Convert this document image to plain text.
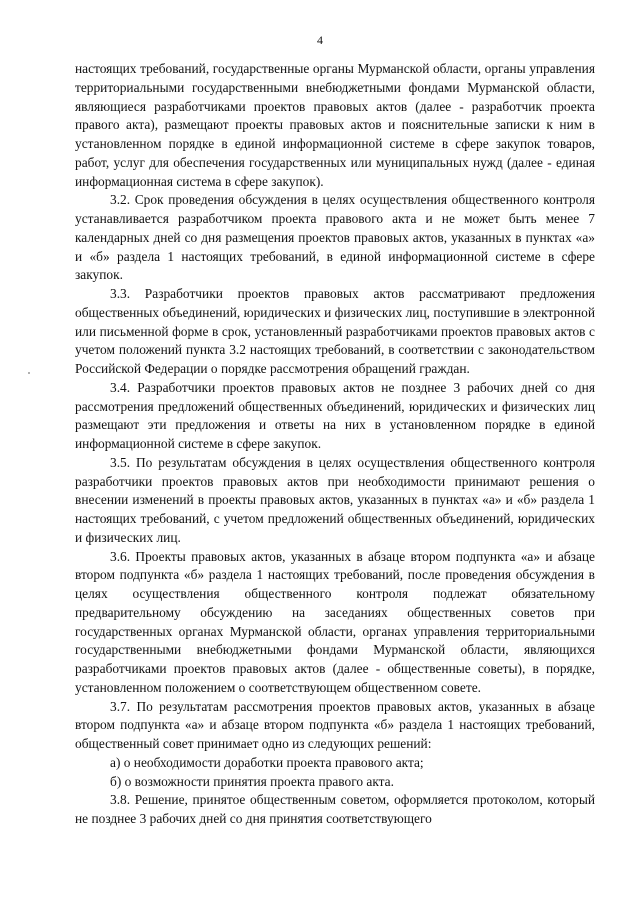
4

настоящих требований, государственные органы Мурманской области, органы управления территориальными государственными внебюджетными фондами Мурманской области, являющиеся разработчиками проектов правовых актов (далее - разработчик проекта правого акта), размещают проекты правовых актов и пояснительные записки к ним в установленном порядке в единой информационной системе в сфере закупок товаров, работ, услуг для обеспечения государственных или муниципальных нужд (далее - единая информационная система в сфере закупок).

3.2. Срок проведения обсуждения в целях осуществления общественного контроля устанавливается разработчиком проекта правового акта и не может быть менее 7 календарных дней со дня размещения проектов правовых актов, указанных в пунктах «а» и «б» раздела 1 настоящих требований, в единой информационной системе в сфере закупок.

3.3. Разработчики проектов правовых актов рассматривают предложения общественных объединений, юридических и физических лиц, поступившие в электронной или письменной форме в срок, установленный разработчиками проектов правовых актов с учетом положений пункта 3.2 настоящих требований, в соответствии с законодательством Российской Федерации о порядке рассмотрения обращений граждан.

3.4. Разработчики проектов правовых актов не позднее 3 рабочих дней со дня рассмотрения предложений общественных объединений, юридических и физических лиц размещают эти предложения и ответы на них в установленном порядке в единой информационной системе в сфере закупок.

3.5. По результатам обсуждения в целях осуществления общественного контроля разработчики проектов правовых актов при необходимости принимают решения о внесении изменений в проекты правовых актов, указанных в пунктах «а» и «б» раздела 1 настоящих требований, с учетом предложений общественных объединений, юридических и физических лиц.

3.6. Проекты правовых актов, указанных в абзаце втором подпункта «а» и абзаце втором подпункта «б» раздела 1 настоящих требований, после проведения обсуждения в целях осуществления общественного контроля подлежат обязательному предварительному обсуждению на заседаниях общественных советов при государственных органах Мурманской области, органах управления территориальными государственными внебюджетными фондами Мурманской области, являющихся разработчиками проектов правовых актов (далее - общественные советы), в порядке, установленном положением о соответствующем общественном совете.

3.7. По результатам рассмотрения проектов правовых актов, указанных в абзаце втором подпункта «а» и абзаце втором подпункта «б» раздела 1 настоящих требований, общественный совет принимает одно из следующих решений:

а) о необходимости доработки проекта правового акта;

б) о возможности принятия проекта правого акта.

3.8. Решение, принятое общественным советом, оформляется протоколом, который не позднее 3 рабочих дней со дня принятия соответствующего
